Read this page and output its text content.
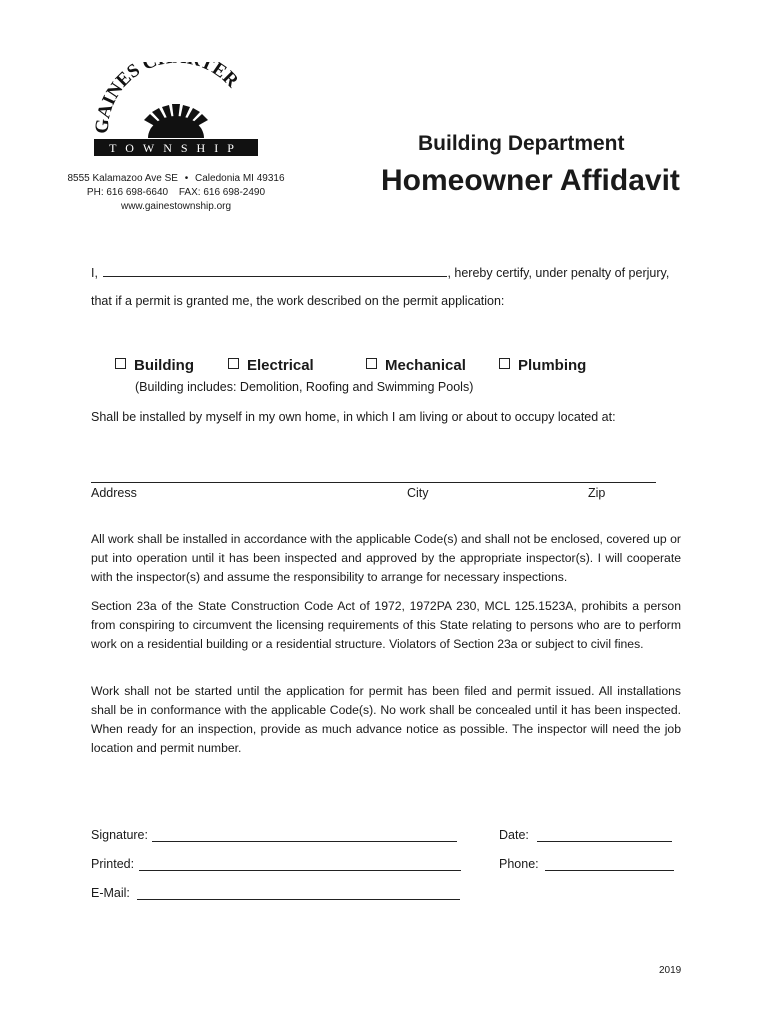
GAINES C TER
TOWNSHIP
8555 Kalamazoo Ave SE • Caledonia MI 49316
PH: 616 698-6640 FAX: 616 698-2490
www.gainestownship.org
Building Department
Homeowner Affidavit
I,	, hereby certify, under penalty of perjury,
that if a permit is granted me, the work described on the permit application:
Building	Electrical	Mechanical	Plumbing
(Building includes: Demolition, Roofing and Swimming Pools)
Shall be installed by myself in my own home, in which I am living or about to occupy located at:
Address	City	Zip
All work shall be installed in accordance with the applicable Code(s) and shall not be enclosed, covered up or put into operation until it has been inspected and approved by the appropriate inspector(s). I will cooperate with the inspector(s) and assume the responsibility to arrange for necessary inspections.
Section 23a of the State Construction Code Act of 1972, 1972PA 230, MCL 125.1523A, prohibits a person from conspiring to circumvent the licensing requirements of this State relating to persons who are to perform work on a residential building or a residential structure. Violators of Section 23a or subject to civil fines.
Work shall not be started until the application for permit has been filed and permit issued. All installations shall be in conformance with the applicable Code(s). No work shall be concealed until it has been inspected. When ready for an inspection, provide as much advance notice as possible. The inspector will need the job location and permit number.
Signature:	Date:
Printed:	Phone:
E-Mail:
2019
